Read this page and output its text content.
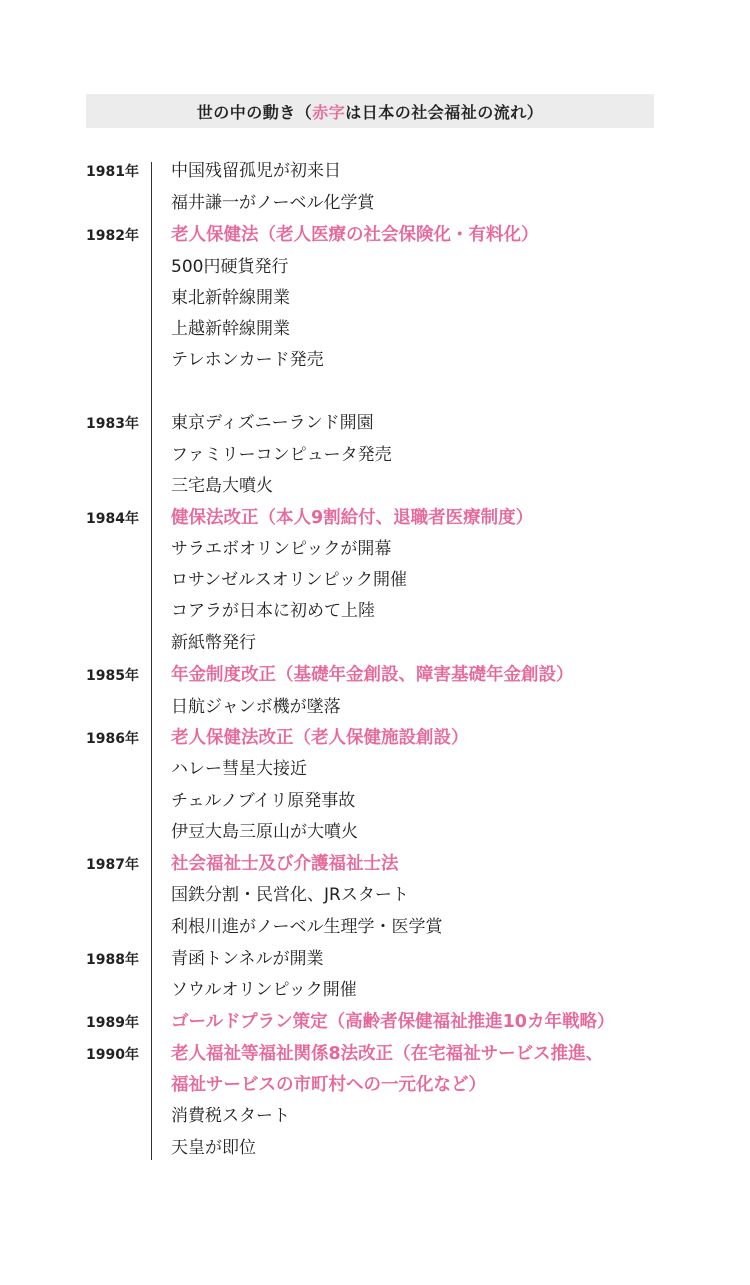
世の中の動き（ 赤字 は日本の社会福祉の流れ）
1981年 中国残留孤児が初来日
福井謙一がノーベル化学賞
1982年 老人保健法（老人医療の社会保険化・有料化）
500円硬貨発行
東北新幹線開業
上越新幹線開業
テレホンカード発売
1983年 東京ディズニーランド開園
ファミリーコンピュータ発売
三宅島大噴火
1984年 健保法改正（本人9割給付、退職者医療制度）
サラエボオリンピックが開幕
ロサンゼルスオリンピック開催
コアラが日本に初めて上陸
新紙幣発行
1985年 年金制度改正（基礎年金創設、障害基礎年金創設）
日航ジャンボ機が墜落
1986年 老人保健法改正（老人保健施設創設）
ハレー彗星大接近
チェルノブイリ原発事故
伊豆大島三原山が大噴火
1987年 社会福祉士及び介護福祉士法
国鉄分割・民営化、JRスタート
利根川進がノーベル生理学・医学賞
1988年 青函トンネルが開業
ソウルオリンピック開催
1989年 ゴールドプラン策定（高齢者保健福祉推進10カ年戦略）
1990年 老人福祉等福祉関係8法改正（在宅福祉サービス推進、
福祉サービスの市町村への一元化など）
消費税スタート
天皇が即位
